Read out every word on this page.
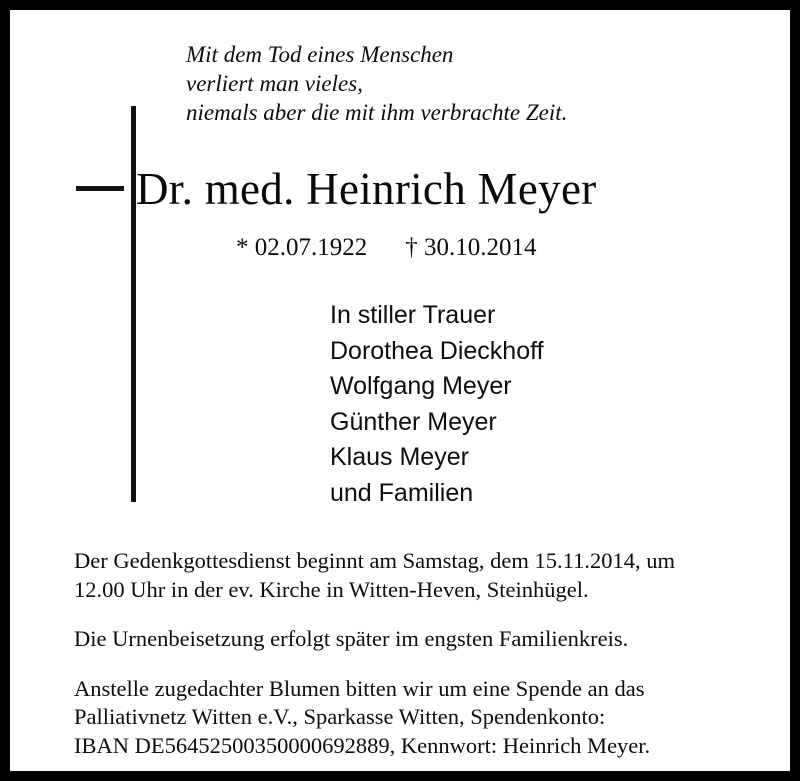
Mit dem Tod eines Menschen
verliert man vieles,
niemals aber die mit ihm verbrachte Zeit.
Dr. med. Heinrich Meyer
* 02.07.1922 † 30.10.2014
In stiller Trauer
Dorothea Dieckhoff
Wolfgang Meyer
Günther Meyer
Klaus Meyer
und Familien

Der Gedenkgottesdienst beginnt am Samstag, dem 15.11.2014, um
12.00 Uhr in der ev. Kirche in Witten-Heven, Steinhügel.

Die Urnenbeisetzung erfolgt später im engsten Familienkreis.

Anstelle zugedachter Blumen bitten wir um eine Spende an das
Palliativnetz Witten e.V., Sparkasse Witten, Spendenkonto:
IBAN DE56452500350000692889, Kennwort: Heinrich Meyer.
